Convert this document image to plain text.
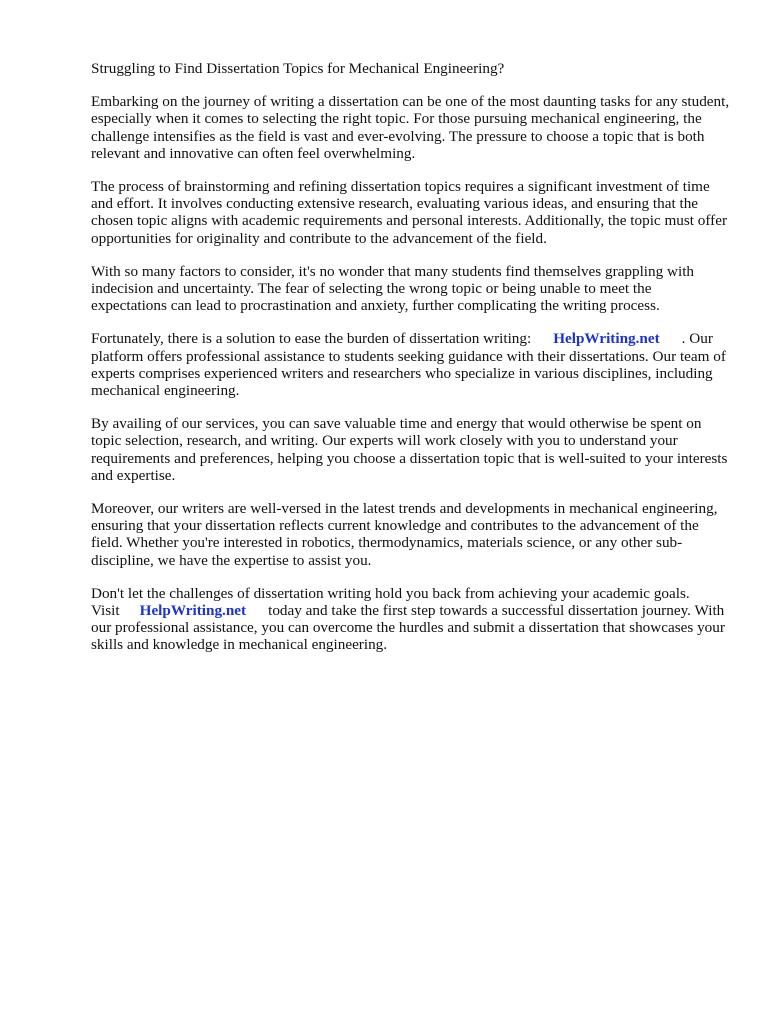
Struggling to Find Dissertation Topics for Mechanical Engineering?

Embarking on the journey of writing a dissertation can be one of the most daunting tasks for any student, especially when it comes to selecting the right topic. For those pursuing mechanical engineering, the challenge intensifies as the field is vast and ever-evolving. The pressure to choose a topic that is both relevant and innovative can often feel overwhelming.

The process of brainstorming and refining dissertation topics requires a significant investment of time and effort. It involves conducting extensive research, evaluating various ideas, and ensuring that the chosen topic aligns with academic requirements and personal interests. Additionally, the topic must offer opportunities for originality and contribute to the advancement of the field.

With so many factors to consider, it's no wonder that many students find themselves grappling with indecision and uncertainty. The fear of selecting the wrong topic or being unable to meet the expectations can lead to procrastination and anxiety, further complicating the writing process.

Fortunately, there is a solution to ease the burden of dissertation writing: HelpWriting.net . Our platform offers professional assistance to students seeking guidance with their dissertations. Our team of experts comprises experienced writers and researchers who specialize in various disciplines, including mechanical engineering.

By availing of our services, you can save valuable time and energy that would otherwise be spent on topic selection, research, and writing. Our experts will work closely with you to understand your requirements and preferences, helping you choose a dissertation topic that is well-suited to your interests and expertise.

Moreover, our writers are well-versed in the latest trends and developments in mechanical engineering, ensuring that your dissertation reflects current knowledge and contributes to the advancement of the field. Whether you're interested in robotics, thermodynamics, materials science, or any other sub-discipline, we have the expertise to assist you.

Don't let the challenges of dissertation writing hold you back from achieving your academic goals. Visit HelpWriting.net today and take the first step towards a successful dissertation journey. With our professional assistance, you can overcome the hurdles and submit a dissertation that showcases your skills and knowledge in mechanical engineering.
